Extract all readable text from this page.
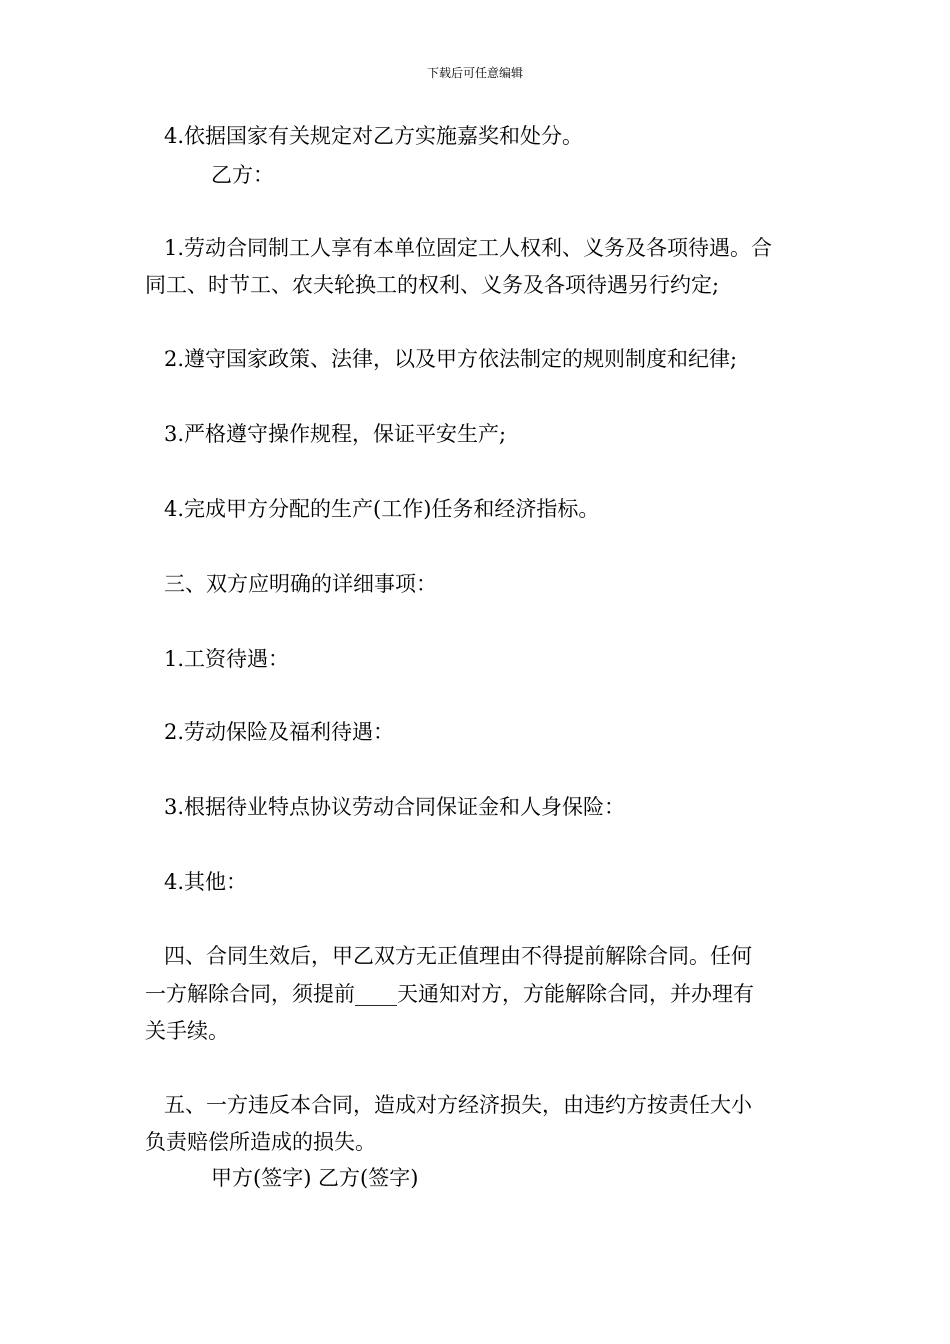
下载后可任意编辑
4.依据国家有关规定对乙方实施嘉奖和处分。
乙方：
1.劳动合同制工人享有本单位固定工人权利、义务及各项待遇。合
同工、时节工、农夫轮换工的权利、义务及各项待遇另行约定;
2.遵守国家政策、法律，以及甲方依法制定的规则制度和纪律;
3.严格遵守操作规程，保证平安生产;
4.完成甲方分配的生产(工作)任务和经济指标。
三、双方应明确的详细事项：
1.工资待遇：
2.劳动保险及福利待遇：
3.根据待业特点协议劳动合同保证金和人身保险：
4.其他：
四、合同生效后，甲乙双方无正值理由不得提前解除合同。任何
一方解除合同，须提前____天通知对方，方能解除合同，并办理有
关手续。
五、一方违反本合同，造成对方经济损失，由违约方按责任大小
负责赔偿所造成的损失。
甲方(签字) 乙方(签字)
